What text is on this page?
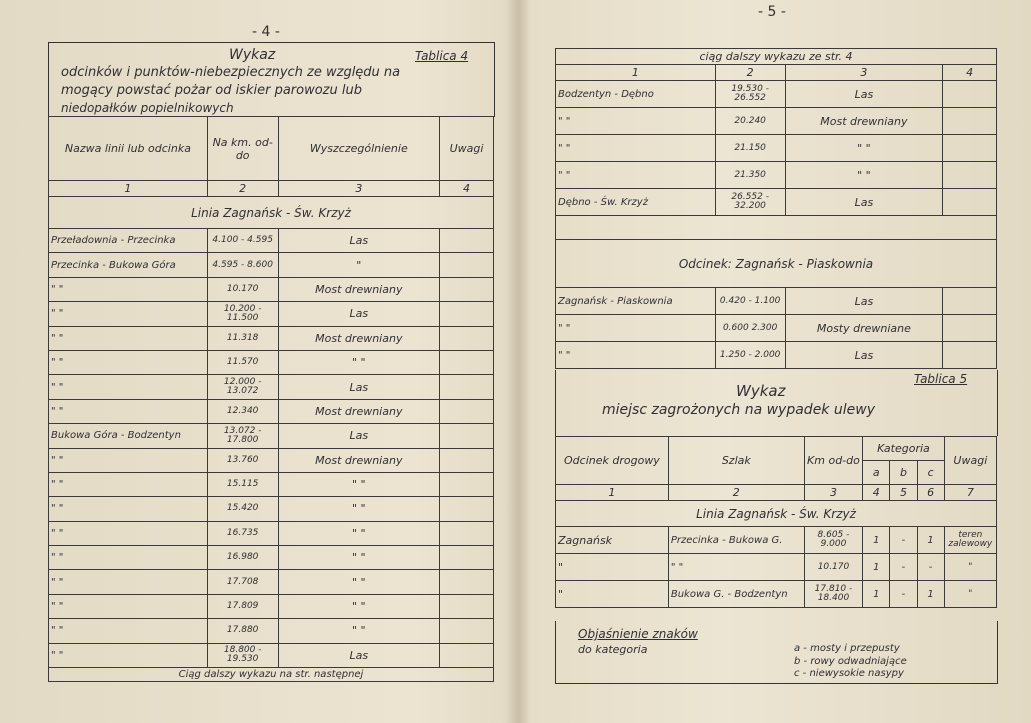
- 4 -
Wykaz	Tablica 4
odcinków i punktów-niebezpiecznych ze względu na
mogący powstać pożar od iskier parowozu lub
niedopałków popielnikowych
Nazwa linii lub odcinka	Na km. od-do	Wyszczególnienie	Uwagi
1	2	3	4
Linia Zagnańsk - Św. Krzyż			
Przeładownia - Przecinka	4.100 - 4.595	Las	
Przecinka - Bukowa Góra	4.595 - 8.600	"	
" "	10.170	Most drewniany	
" "	10.200 - 11.500	Las	
" "	11.318	Most drewniany	
" "	11.570	" "	
" "	12.000 - 13.072	Las	
" "	12.340	Most drewniany	
Bukowa Góra - Bodzentyn	13.072 - 17.800	Las	
" "	13.760	Most drewniany	
" "	15.115	" "	
" "	15.420	" "	
" "	16.735	" "	
" "	16.980	" "	
" "	17.708	" "	
" "	17.809	" "	
" "	17.880	" "	
" "	18.800 - 19.530	Las	
Ciąg dalszy wykazu na str. następnej			
- 5 -
ciąg dalszy wykazu ze str. 4			
1	2	3	4
Bodzentyn - Dębno	19.530 - 26.552	Las	
" "	20.240	Most drewniany	
" "	21.150	" "	
" "	21.350	" "	
Dębno - Św. Krzyż	26.552 - 32.200	Las	

Odcinek: Zagnańsk - Piaskownia			
Zagnańsk - Piaskownia	0.420 - 1.100	Las	
" "	0.600 2.300	Mosty drewniane	
" "	1.250 - 2.000	Las	
Tablica 5
Wykaz
miejsc zagrożonych na wypadek ulewy
Odcinek drogowy	Szlak	Km od-do	Kategoria			Uwagi
			a	b	c	
1	2	3	4	5	6	7
Linia Zagnańsk - Św. Krzyż						
Zagnańsk	Przecinka - Bukowa G.	8.605 - 9.000	1	-	1	teren zalewowy
"	" "	10.170	1	-	-	"
"	Bukowa G. - Bodzentyn	17.810 - 18.400	1	-	1	"
Objaśnienie znaków
do kategoria	a - mosty i przepusty
b - rowy odwadniające
c - niewysokie nasypy
